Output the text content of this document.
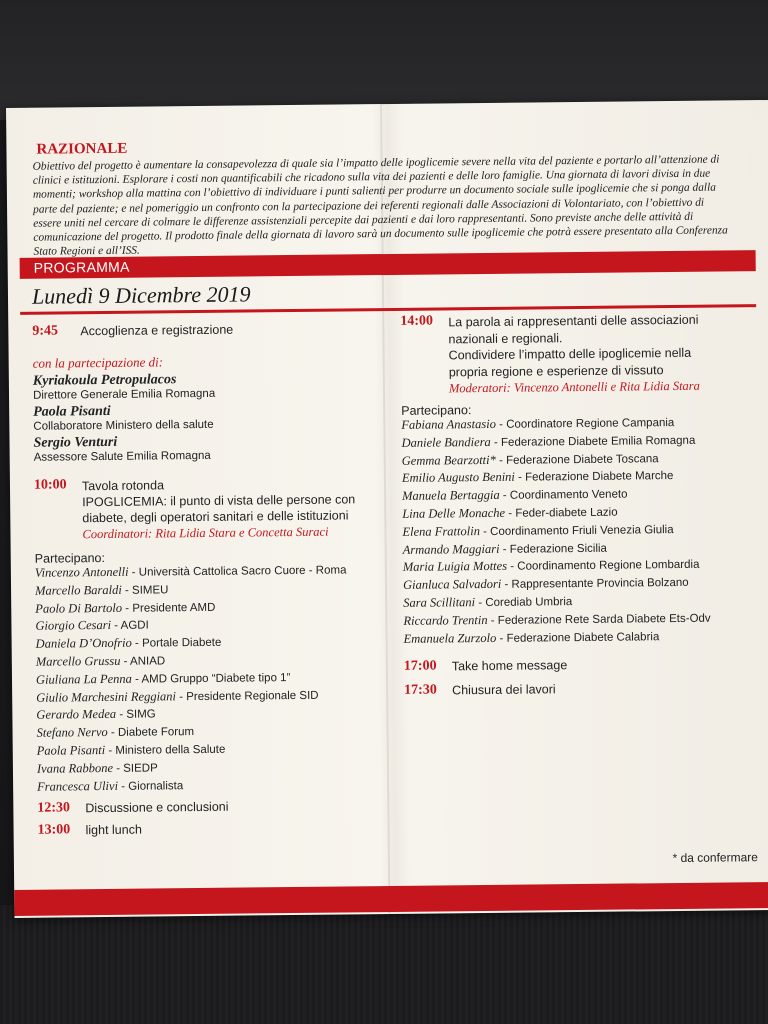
RAZIONALE
Obiettivo del progetto è aumentare la consapevolezza di quale sia l’impatto delle ipoglicemie severe nella vita del paziente e portarlo all’attenzione di clinici e istituzioni. Esplorare i costi non quantificabili che ricadono sulla vita dei pazienti e delle loro famiglie. Una giornata di lavori divisa in due momenti; workshop alla mattina con l’obiettivo di individuare i punti salienti per produrre un documento sociale sulle ipoglicemie che si ponga dalla parte del paziente; e nel pomeriggio un confronto con la partecipazione dei referenti regionali dalle Associazioni di Volontariato, con l’obiettivo di essere uniti nel cercare di colmare le differenze assistenziali percepite dai pazienti e dai loro rappresentanti. Sono previste anche delle attività di comunicazione del progetto. Il prodotto finale della giornata di lavoro sarà un documento sulle ipoglicemie che potrà essere presentato alla Conferenza Stato Regioni e all’ISS.
PROGRAMMA
Lunedì 9 Dicembre 2019
9:45 Accoglienza e registrazione
con la partecipazione di:
Kyriakoula Petropulacos
Direttore Generale Emilia Romagna
Paola Pisanti
Collaboratore Ministero della salute
Sergio Venturi
Assessore Salute Emilia Romagna
10:00 Tavola rotonda
IPOGLICEMIA: il punto di vista delle persone con
diabete, degli operatori sanitari e delle istituzioni
Coordinatori: Rita Lidia Stara e Concetta Suraci
Partecipano:
Vincenzo Antonelli - Università Cattolica Sacro Cuore - Roma
Marcello Baraldi - SIMEU
Paolo Di Bartolo - Presidente AMD
Giorgio Cesari - AGDI
Daniela D’Onofrio - Portale Diabete
Marcello Grussu - ANIAD
Giuliana La Penna - AMD Gruppo “Diabete tipo 1”
Giulio Marchesini Reggiani - Presidente Regionale SID
Gerardo Medea - SIMG
Stefano Nervo - Diabete Forum
Paola Pisanti - Ministero della Salute
Ivana Rabbone - SIEDP
Francesca Ulivi - Giornalista
12:30 Discussione e conclusioni
13:00 light lunch
14:00 La parola ai rappresentanti delle associazioni
nazionali e regionali.
Condividere l’impatto delle ipoglicemie nella
propria regione e esperienze di vissuto
Moderatori: Vincenzo Antonelli e Rita Lidia Stara
Partecipano:
Fabiana Anastasio - Coordinatore Regione Campania
Daniele Bandiera - Federazione Diabete Emilia Romagna
Gemma Bearzotti* - Federazione Diabete Toscana
Emilio Augusto Benini - Federazione Diabete Marche
Manuela Bertaggia - Coordinamento Veneto
Lina Delle Monache - Feder-diabete Lazio
Elena Frattolin - Coordinamento Friuli Venezia Giulia
Armando Maggiari - Federazione Sicilia
Maria Luigia Mottes - Coordinamento Regione Lombardia
Gianluca Salvadori - Rappresentante Provincia Bolzano
Sara Scillitani - Corediab Umbria
Riccardo Trentin - Federazione Rete Sarda Diabete Ets-Odv
Emanuela Zurzolo - Federazione Diabete Calabria
17:00 Take home message
17:30 Chiusura dei lavori
* da confermare
